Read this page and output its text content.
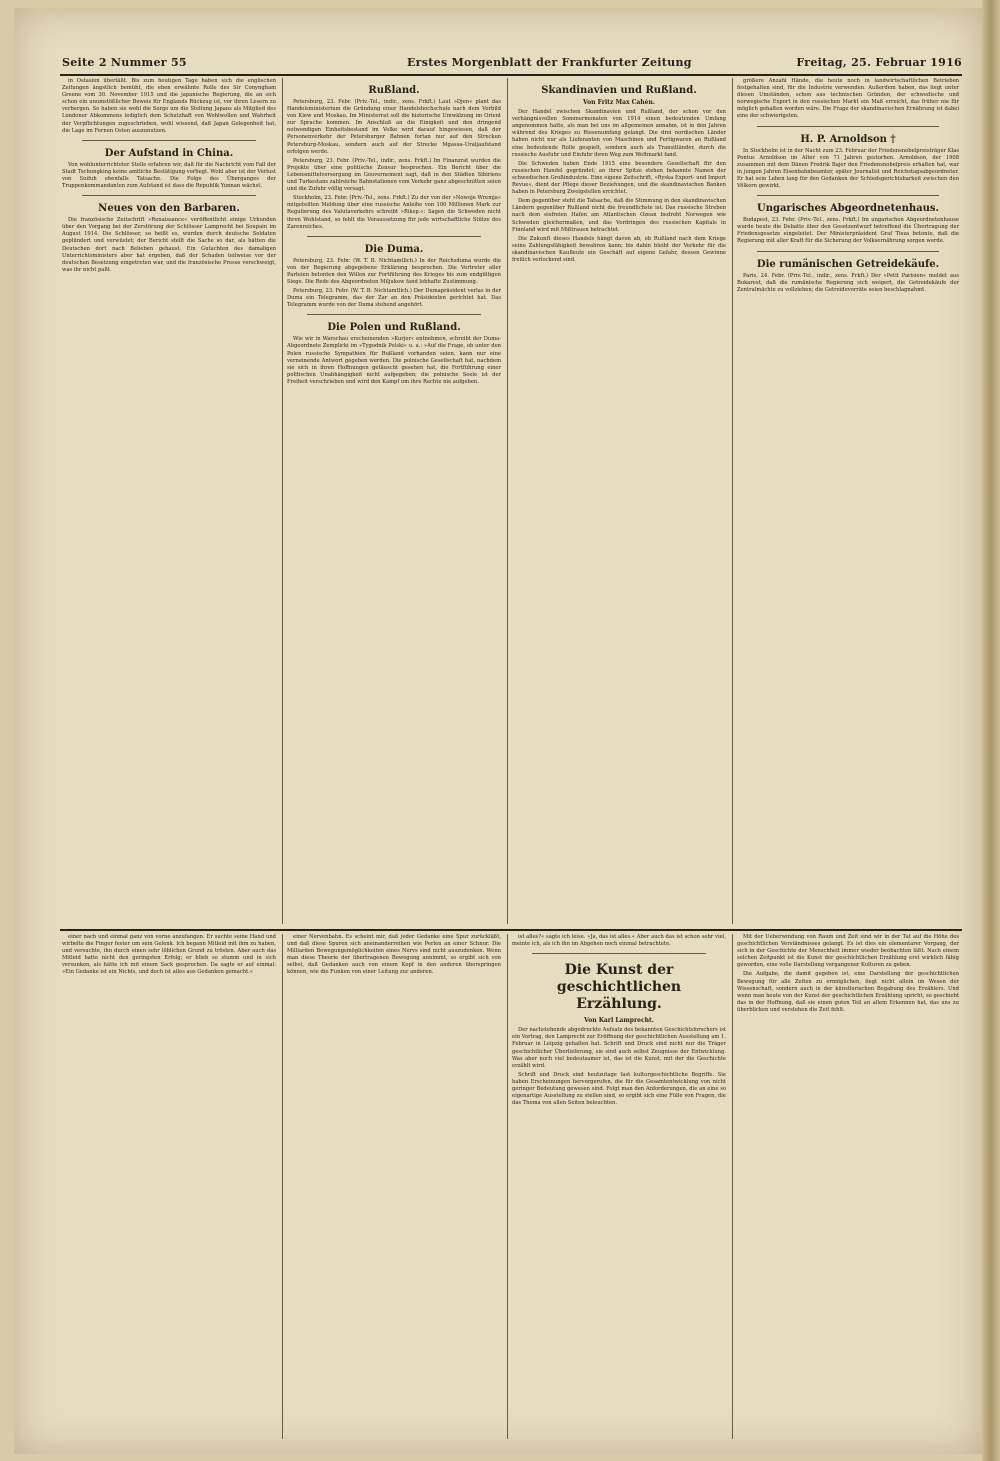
Seite 2 Nummer 55	Erstes Morgenblatt der Frankfurter Zeitung	Freitag, 25. Februar 1916

in Ostasien überläßt. Bis zum heutigen Tage haben sich die englischen Zeitungen ängstlich bemüht, die eben erwähnte Rolle des Sir Conyngham Greene vom 30. November 1915 und die japanische Regierung, die an sich schon ein unumstößlicher Beweis für Englands Rückzug ist, vor ihren Lesern zu verbergen. So haben sie wohl die Sorge um die Stellung Japans als Mitglied des Londoner Abkommens lediglich dem Schutzhaft von Wohlwollen und Wahrheit der Verpflichtungen zugeschrieben, wohl wissend, daß Japan Gelegenheit hat, die Lage im Fernen Osten auszunutzen.

Der Aufstand in China.

Von wohlunterrichteter Stelle erfahren wir, daß für die Nachricht vom Fall der Stadt Tschungking keine amtliche Bestätigung vorliegt. Wohl aber ist der Verlust von Suifuh ebenfalls Tatsache. Die Folge des Überganges der Truppenkommandanten zum Aufstand ist dass die Republik Yunnan wächst.

Neues von den Barbaren.

Die französische Zeitschrift »Renaissance« veröffentlicht einige Urkunden über den Vorgang bei der Zerstörung der Schlösser Lamprecht bei Soupain im August 1914. Die Schlösser, so heißt es, wurden durch deutsche Soldaten geplündert und verwüstet; der Bericht stellt die Sache so dar, als hätten die Deutschen dort nach Belieben gehaust. Ein Gutachten des damaligen Unterrichtsministers aber hat ergeben, daß der Schaden teilweise vor der deutschen Besetzung eingetreten war, und die französische Presse verschweigt, was ihr nicht paßt.

Rußland.

Petersburg, 23. Febr. (Priv.-Tel., indir., zens. Frkft.) Laut »Djen« plant das Handelsministerium die Gründung einer Handelshochschule nach dem Vorbild von Kiew und Moskau. Im Ministerrat soll die historische Umwälzung im Orient zur Sprache kommen. Im Anschluß an die Einigkeit und den dringend notwendigen Einheitsbestand im Volke wird darauf hingewiesen, daß der Personenverkehr der Petersburger Bahnen fortan nur auf den Strecken Petersburg-Moskau, sondern auch auf der Strecke Mgassa–Uraljaufstand erfolgen werde.

Petersburg, 23. Febr. (Priv.-Tel., indir., zens. Frkft.) Im Finanzrat wurden die Projekte über eine politische Zensur besprochen. Ein Bericht über die Lebensmittelversorgung im Gouvernement sagt, daß in den Städten Sibiriens und Turkestans zahlreiche Bahnstationen vom Verkehr ganz abgeschnitten seien und die Zufuhr völlig versagt.

Stockholm, 23. Febr. (Priv.-Tel., zens. Frkft.) Zu der von der »Nowoje Wremja« mitgeteilten Meldung über eine russische Anleihe von 100 Millionen Mark zur Regulierung des Valutaverkehrs schreibt »Riksp.«: Sagen die Schweden nicht ihren Wohlstand, so fehlt die Voraussetzung für jede wirtschaftliche Stütze des Zarenreiches.

Die Duma.

Petersburg, 23. Febr. (W. T. B. Nichtamtlich.) In der Reichsduma wurde die von der Regierung abgegebene Erklärung besprochen. Die Vertreter aller Parteien betonten den Willen zur Fortführung des Krieges bis zum endgültigen Siege. Die Rede des Abgeordneten Miljukow fand lebhafte Zustimmung.

Petersburg, 23. Febr. (W. T. B. Nichtamtlich.) Der Dumapräsident verlas in der Duma ein Telegramm, das der Zar an den Präsidenten gerichtet hat. Das Telegramm wurde von der Duma stehend angehört.

Die Polen und Rußland.

Wie wir in Warschau erscheinenden »Kurjer« entnehmen, schreibt der Duma-Abgeordnete Zemplicki im »Tygodnik Polski« u. a.: »Auf die Frage, ob unter den Polen russische Sympathien für Rußland vorhanden seien, kann nur eine verneinende Antwort gegeben werden. Die polnische Gesellschaft hat, nachdem sie sich in ihren Hoffnungen getäuscht gesehen hat, die Fortführung einer politischen Unabhängigkeit nicht aufgegeben; die polnische Seele ist der Freiheit verschrieben und wird den Kampf um ihre Rechte nie aufgeben.

Skandinavien und Rußland.
Von Fritz Max Cahén.

Der Handel zwischen Skandinavien und Rußland, der schon vor den verhängnisvollen Sommermonaten von 1914 einen bedeutenden Umfang angenommen hatte, als man bei uns im allgemeinen annahm, ist in den Jahren während des Krieges zu Riesenumfang gelangt. Die drei nordischen Länder haben nicht nur als Lieferanten von Maschinen und Fertigwaren an Rußland eine bedeutende Rolle gespielt, sondern auch als Transitländer, durch die russische Ausfuhr und Einfuhr ihren Weg zum Weltmarkt fand.

Die Schweden haben Ende 1915 eine besondere Gesellschaft für den russischen Handel gegründet; an ihrer Spitze stehen bekannte Namen der schwedischen Großindustrie. Eine eigene Zeitschrift, »Ryska Export- und Import Revue«, dient der Pflege dieser Beziehungen, und die skandinavischen Banken haben in Petersburg Zweigstellen errichtet.

Dem gegenüber steht die Tatsache, daß die Stimmung in den skandinavischen Ländern gegenüber Rußland nicht die freundlichste ist. Das russische Streben nach dem eisfreien Hafen am Atlantischen Ozean bedroht Norwegen wie Schweden gleichermaßen, und das Vordringen des russischen Kapitals in Finnland wird mit Mißtrauen betrachtet.

Die Zukunft dieses Handels hängt davon ab, ob Rußland nach dem Kriege seine Zahlungsfähigkeit bewahren kann; bis dahin bleibt der Verkehr für die skandinavischen Kaufleute ein Geschäft auf eigene Gefahr, dessen Gewinne freilich verlockend sind.

größere Anzahl Hände, die heute noch in landwirtschaftlichen Betrieben festgehalten sind, für die Industrie verwenden. Außerdem haben, das liegt unter diesen Umständen, schon aus technischen Gründen, der schwedische und norwegische Export in den russischen Markt ein Maß erreicht, das früher nie für möglich gehalten worden wäre. Die Frage der skandinavischen Ernährung ist dabei eine der schwierigsten.

H. P. Arnoldson †

In Stockholm ist in der Nacht zum 23. Februar der Friedensnobelpreisträger Klas Pontus Arnoldson im Alter von 71 Jahren gestorben. Arnoldson, der 1908 zusammen mit dem Dänen Fredrik Bajer den Friedensnobelpreis erhalten hat, war in jungen Jahren Eisenbahnbeamter, später Journalist und Reichstagsabgeordneter. Er hat sein Leben lang für den Gedanken der Schiedsgerichtsbarkeit zwischen den Völkern gewirkt.

Ungarisches Abgeordnetenhaus.

Budapest, 23. Febr. (Priv.-Tel., zens. Frkft.) Im ungarischen Abgeordnetenhause wurde heute die Debatte über den Gesetzentwurf betreffend die Übertragung der Friedensgesetze eingeleitet. Der Ministerpräsident Graf Tisza betonte, daß die Regierung mit aller Kraft für die Sicherung der Volksernährung sorgen werde.

Die rumänischen Getreidekäufe.

Paris, 24. Febr. (Priv.-Tel., indir., zens. Frkft.) Der »Petit Parisien« meldet aus Bukarest, daß die rumänische Regierung sich weigert, die Getreidekäufe der Zentralmächte zu vollziehen; die Getreidevorräte seien beschlagnahmt.

einer nach und einmal ganz von vorne anzufangen. Er suchte seine Hand und wirbelte die Finger fester um sein Gelenk. Ich begann Mitleid mit ihm zu haben, und versuchte, ihn durch einen sehr löblichen Grund zu trösten. Aber auch das Mitleid hatte nicht den geringsten Erfolg; er blieb so stumm und in sich versunken, als hätte ich mit einem Sack gesprochen. Da sagte er auf einmal: »Ein Gedanke ist ein Nichts, und doch ist alles aus Gedanken gemacht.«

einer Nervenbahn. Es scheint mir, daß jeder Gedanke eine Spur zurückläßt, und daß diese Spuren sich aneinanderreihen wie Perlen an einer Schnur. Die Milliarden Bewegungsmöglichkeiten eines Nervs sind nicht auszudenken. Wenn man diese Theorie der übertragenen Bewegung annimmt, so ergibt sich von selbst, daß Gedanken auch von einem Kopf in den anderen überspringen können, wie die Funken von einer Leitung zur anderen.

ist alles?« sagte ich leise. »Ja, das ist alles.« Aber auch das ist schon sehr viel, meinte ich, als ich ihn im Abgehen noch einmal betrachtete.

Die Kunst der geschichtlichen Erzählung.
Von Karl Lamprecht.

Der nachstehende abgedruckte Aufsatz des bekannten Geschichtsforschers ist ein Vortrag, den Lamprecht zur Eröffnung der geschichtlichen Ausstellung am 1. Februar in Leipzig gehalten hat. Schrift und Druck sind nicht nur die Träger geschichtlicher Überlieferung, sie sind auch selbst Zeugnisse der Entwicklung. Was aber noch viel bedeutsamer ist, das ist die Kunst, mit der die Geschichte erzählt wird.

Schrift und Druck sind heutzutage fast kulturgeschichtliche Begriffe. Sie haben Erscheinungen hervorgerufen, die für die Gesamtentwicklung von nicht geringer Bedeutung gewesen sind. Folgt man den Anforderungen, die an eine so eigenartige Ausstellung zu stellen sind, so ergibt sich eine Fülle von Fragen, die das Thema von allen Seiten beleuchten.

Mit der Ueberwindung von Raum und Zeit sind wir in der Tat auf die Höhe des geschichtlichen Verständnisses gelangt. Es ist dies ein elementarer Vorgang, der sich in der Geschichte der Menschheit immer wieder beobachten läßt. Nach einem solchen Zeitpunkt ist die Kunst der geschichtlichen Erzählung erst wirklich fähig geworden, eine volle Darstellung vergangener Kulturen zu geben.

Die Aufgabe, die damit gegeben ist, eine Darstellung der geschichtlichen Bewegung für alle Zeiten zu ermöglichen, liegt nicht allein im Wesen der Wissenschaft, sondern auch in der künstlerischen Begabung des Erzählers. Und wenn man heute von der Kunst der geschichtlichen Erzählung spricht, so geschieht das in der Hoffnung, daß sie einen guten Teil an allem Erkennen hat, das uns zu überblicken und verstehen die Zeit fehlt.
